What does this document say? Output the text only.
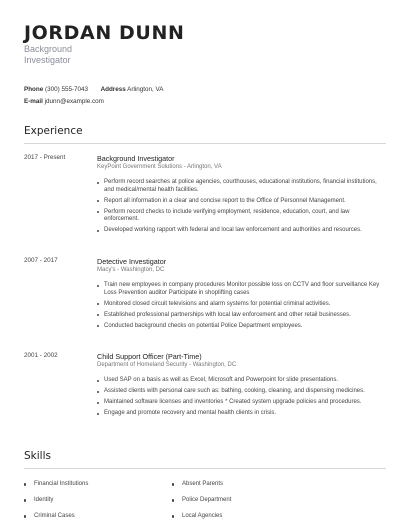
JORDAN DUNN
Background
Investigator
Phone (300) 555-7043 Address Arlington, VA
E-mail jdunn@example.com
Experience
2017 - Present	Background Investigator
KeyPoint Government Solutions - Arlington, VA
Perform record searches at police agencies, courthouses, educational institutions, financial institutions, and medical/mental health facilities.
Report all information in a clear and concise report to the Office of Personnel Management.
Perform record checks to include verifying employment, residence, education, court, and law enforcement.
Developed working rapport with federal and local law enforcement and authorities and resources.
2007 - 2017	Detective Investigator
Macy's - Washington, DC
Train new employees in company procedures Monitor possible loss on CCTV and floor surveillance Key Loss Prevention auditor Participate in shoplifting cases
Monitored closed circuit televisions and alarm systems for potential criminal activities.
Established professional partnerships with local law enforcement and other retail businesses.
Conducted background checks on potential Police Department employees.
2001 - 2002	Child Support Officer (Part-Time)
Department of Homeland Security - Washington, DC
Used SAP on a basis as well as Excel, Microsoft and Powerpoint for slide presentations.
Assisted clients with personal care such as: bathing, cooking, cleaning, and dispensing medicines.
Maintained software licenses and inventories * Created system upgrade policies and procedures.
Engage and promote recovery and mental health clients in crisis.
Skills
Financial Institutions	Absent Parents
Identity	Police Department
Criminal Cases	Local Agencies
